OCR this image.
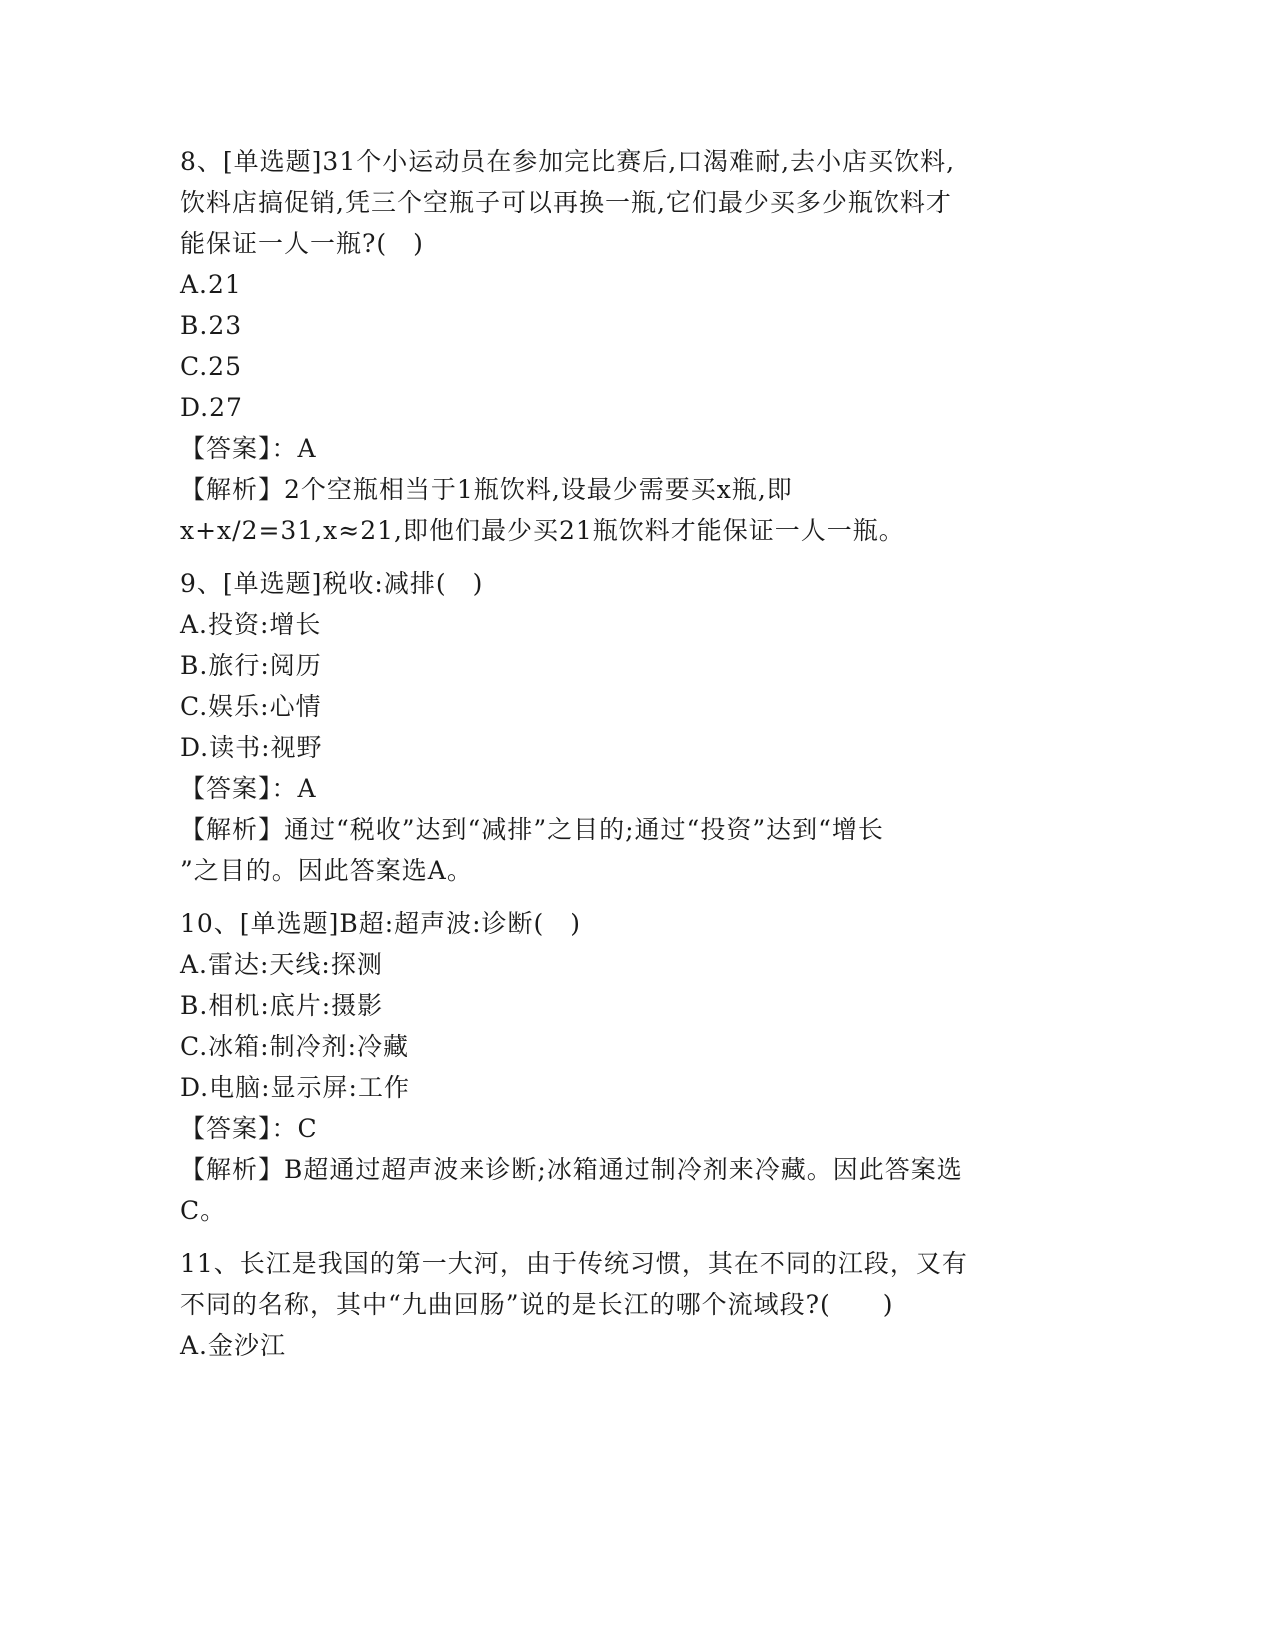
8、[单选题]31个小运动员在参加完比赛后,口渴难耐,去小店买饮料,
饮料店搞促销,凭三个空瓶子可以再换一瓶,它们最少买多少瓶饮料才
能保证一人一瓶?(　)
A.21
B.23
C.25
D.27
【答案】：A
【解析】2个空瓶相当于1瓶饮料,设最少需要买x瓶,即
x+x/2=31,x≈21,即他们最少买21瓶饮料才能保证一人一瓶。
9、[单选题]税收:减排(　)
A.投资:增长
B.旅行:阅历
C.娱乐:心情
D.读书:视野
【答案】：A
【解析】通过“税收”达到“减排”之目的;通过“投资”达到“增长
”之目的。因此答案选A。
10、[单选题]B超:超声波:诊断(　)
A.雷达:天线:探测
B.相机:底片:摄影
C.冰箱:制冷剂:冷藏
D.电脑:显示屏:工作
【答案】：C
【解析】B超通过超声波来诊断;冰箱通过制冷剂来冷藏。因此答案选
C。
11、长江是我国的第一大河，由于传统习惯，其在不同的江段，又有
不同的名称，其中“九曲回肠”说的是长江的哪个流域段?(　　)
A.金沙江
